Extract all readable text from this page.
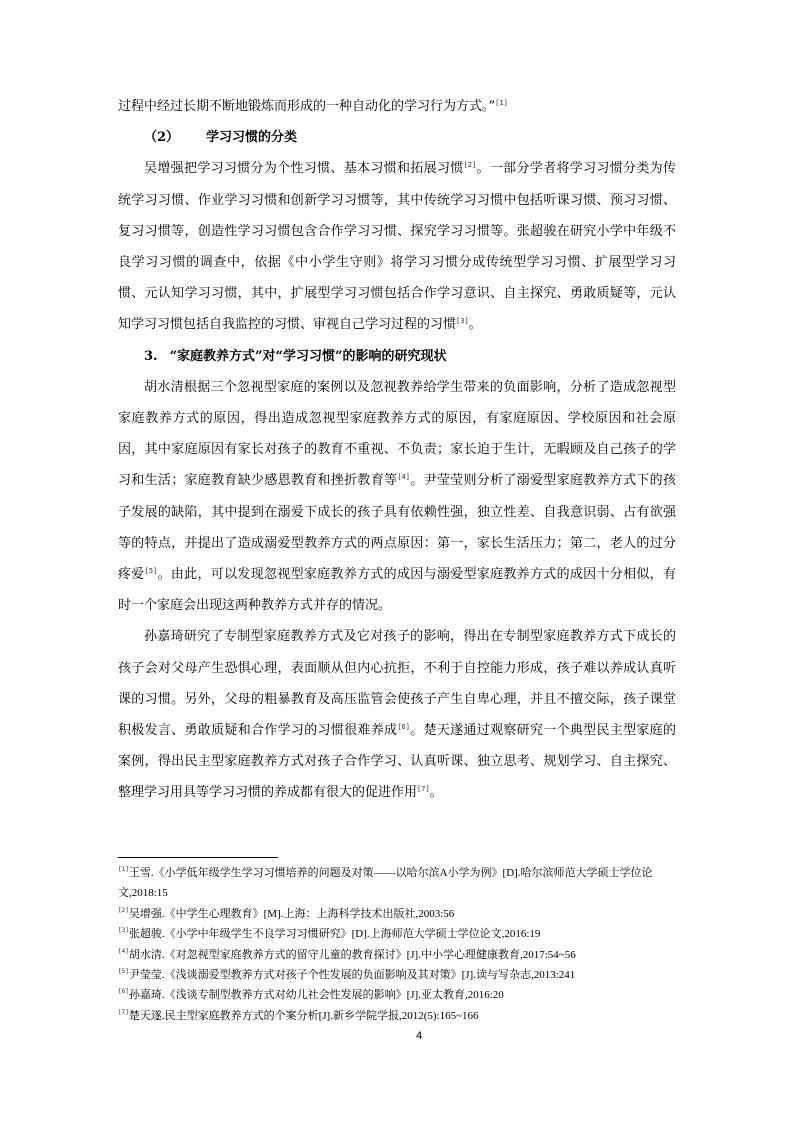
过程中经过长期不断地锻炼而形成的一种自动化的学习行为方式。”[1]

（2） 学习习惯的分类

吴增强把学习习惯分为个性习惯、基本习惯和拓展习惯[2]。一部分学者将学习习惯分类为传统学习习惯、作业学习习惯和创新学习习惯等，其中传统学习习惯中包括听课习惯、预习习惯、复习习惯等，创造性学习习惯包含合作学习习惯、探究学习习惯等。张超骏在研究小学中年级不良学习习惯的调查中，依据《中小学生守则》将学习习惯分成传统型学习习惯、扩展型学习习惯、元认知学习习惯，其中，扩展型学习习惯包括合作学习意识、自主探究、勇敢质疑等，元认知学习习惯包括自我监控的习惯、审视自己学习过程的习惯[3]。

3. “家庭教养方式”对“学习习惯”的影响的研究现状

胡水清根据三个忽视型家庭的案例以及忽视教养给学生带来的负面影响，分析了造成忽视型家庭教养方式的原因，得出造成忽视型家庭教养方式的原因，有家庭原因、学校原因和社会原因，其中家庭原因有家长对孩子的教育不重视、不负责；家长迫于生计，无暇顾及自己孩子的学习和生活；家庭教育缺少感恩教育和挫折教育等[4]。尹莹莹则分析了溺爱型家庭教养方式下的孩子发展的缺陷，其中提到在溺爱下成长的孩子具有依赖性强，独立性差、自我意识弱、占有欲强等的特点，并提出了造成溺爱型教养方式的两点原因：第一，家长生活压力；第二，老人的过分疼爱[5]。由此，可以发现忽视型家庭教养方式的成因与溺爱型家庭教养方式的成因十分相似，有时一个家庭会出现这两种教养方式并存的情况。

孙嘉琦研究了专制型家庭教养方式及它对孩子的影响，得出在专制型家庭教养方式下成长的孩子会对父母产生恐惧心理，表面顺从但内心抗拒，不利于自控能力形成，孩子难以养成认真听课的习惯。另外，父母的粗暴教育及高压监管会使孩子产生自卑心理，并且不擅交际，孩子课堂积极发言、勇敢质疑和合作学习的习惯很难养成[6]。楚天遂通过观察研究一个典型民主型家庭的案例，得出民主型家庭教养方式对孩子合作学习、认真听课、独立思考、规划学习、自主探究、整理学习用具等学习习惯的养成都有很大的促进作用[7]。

[1]王雪.《小学低年级学生学习习惯培养的问题及对策——以哈尔滨A小学为例》[D].哈尔滨师范大学硕士学位论文,2018:15

[2]吴增强.《中学生心理教育》[M].上海：上海科学技术出版社,2003:56

[3]张超骏.《小学中年级学生不良学习习惯研究》[D].上海师范大学硕士学位论文,2016:19

[4]胡水清.《对忽视型家庭教养方式的留守儿童的教育探讨》[J].中小学心理健康教育,2017:54~56

[5]尹莹莹.《浅谈溺爱型教养方式对孩子个性发展的负面影响及其对策》[J].读与写杂志,2013:241

[6]孙嘉琦.《浅谈专制型教养方式对幼儿社会性发展的影响》[J].亚太教育,2016:20

[7]楚天遂.民主型家庭教养方式的个案分析[J].新乡学院学报,2012(5):165~166

4
